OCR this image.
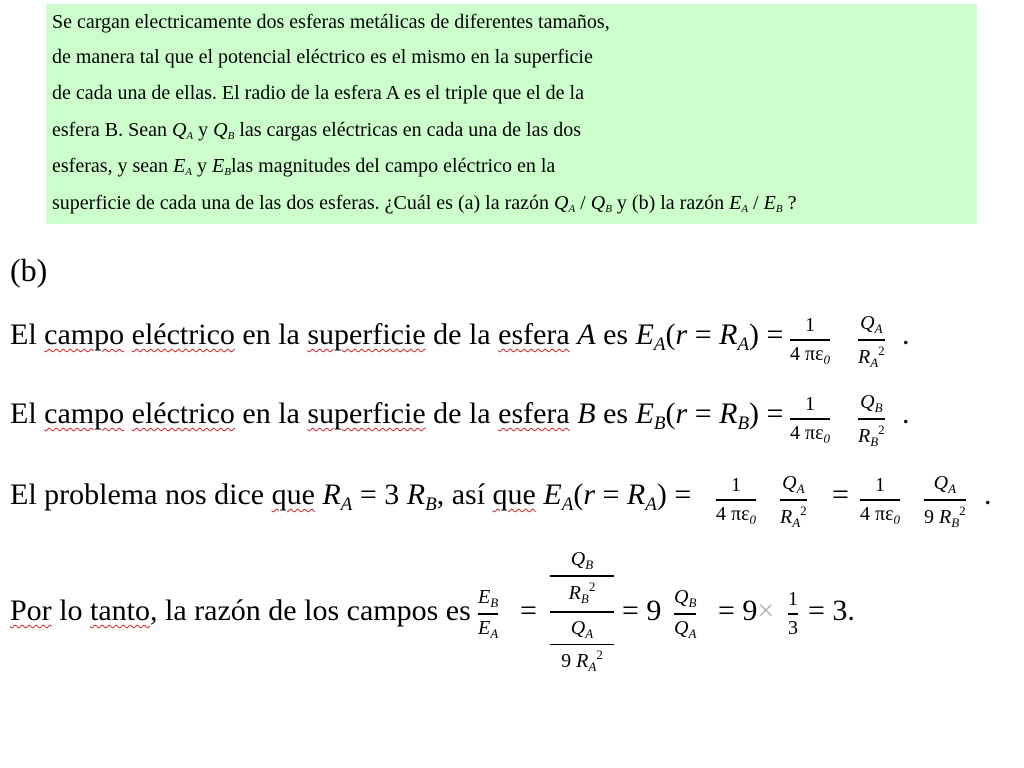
Se cargan electricamente dos esferas metálicas de diferentes tamaños,
de manera tal que el potencial eléctrico es el mismo en la superficie
de cada una de ellas. El radio de la esfera A es el triple que el de la
esfera B. Sean $Q_A$ y $Q_B$ las cargas eléctricas en cada una de las dos
esferas, y sean $E_A$ y $E_Blas$ magnitudes del campo eléctrico en la
superficie de cada una de las dos esferas. ¿Cuál es (a) la razón $Q_A / Q_B$ y (b) la razón $E_A / E_B$ ?
(b)
El campo eléctrico en la superficie de la esfera A es $E_A(r = R_A)$ =	1
4 $\pi\varepsilon_0$
$Q_A$
$R_A^2$ .
El campo eléctrico en la superficie de la esfera B es $E_B(r = R_B)$ =	1
4 $\pi\varepsilon_0$
$Q_B$
$R_B^2$ .
El problema nos dice que $R_A = 3$ $R_B$, así que $E_A(r = R_A)$ =	1
4 $\pi\varepsilon_0$
$Q_A$
$R_A^2$ =	1
4 $\pi\varepsilon_0$
$Q_A$
9 $R_B^2$ .
Por lo tanto, la razón de los campos es $E_B$
$E_A$
=
$Q_B$
$R_B^2$
$Q_A$
9 $R_A^2$
= 9 $Q_B$
$Q_A$
= 9× 1
3
= 3.
